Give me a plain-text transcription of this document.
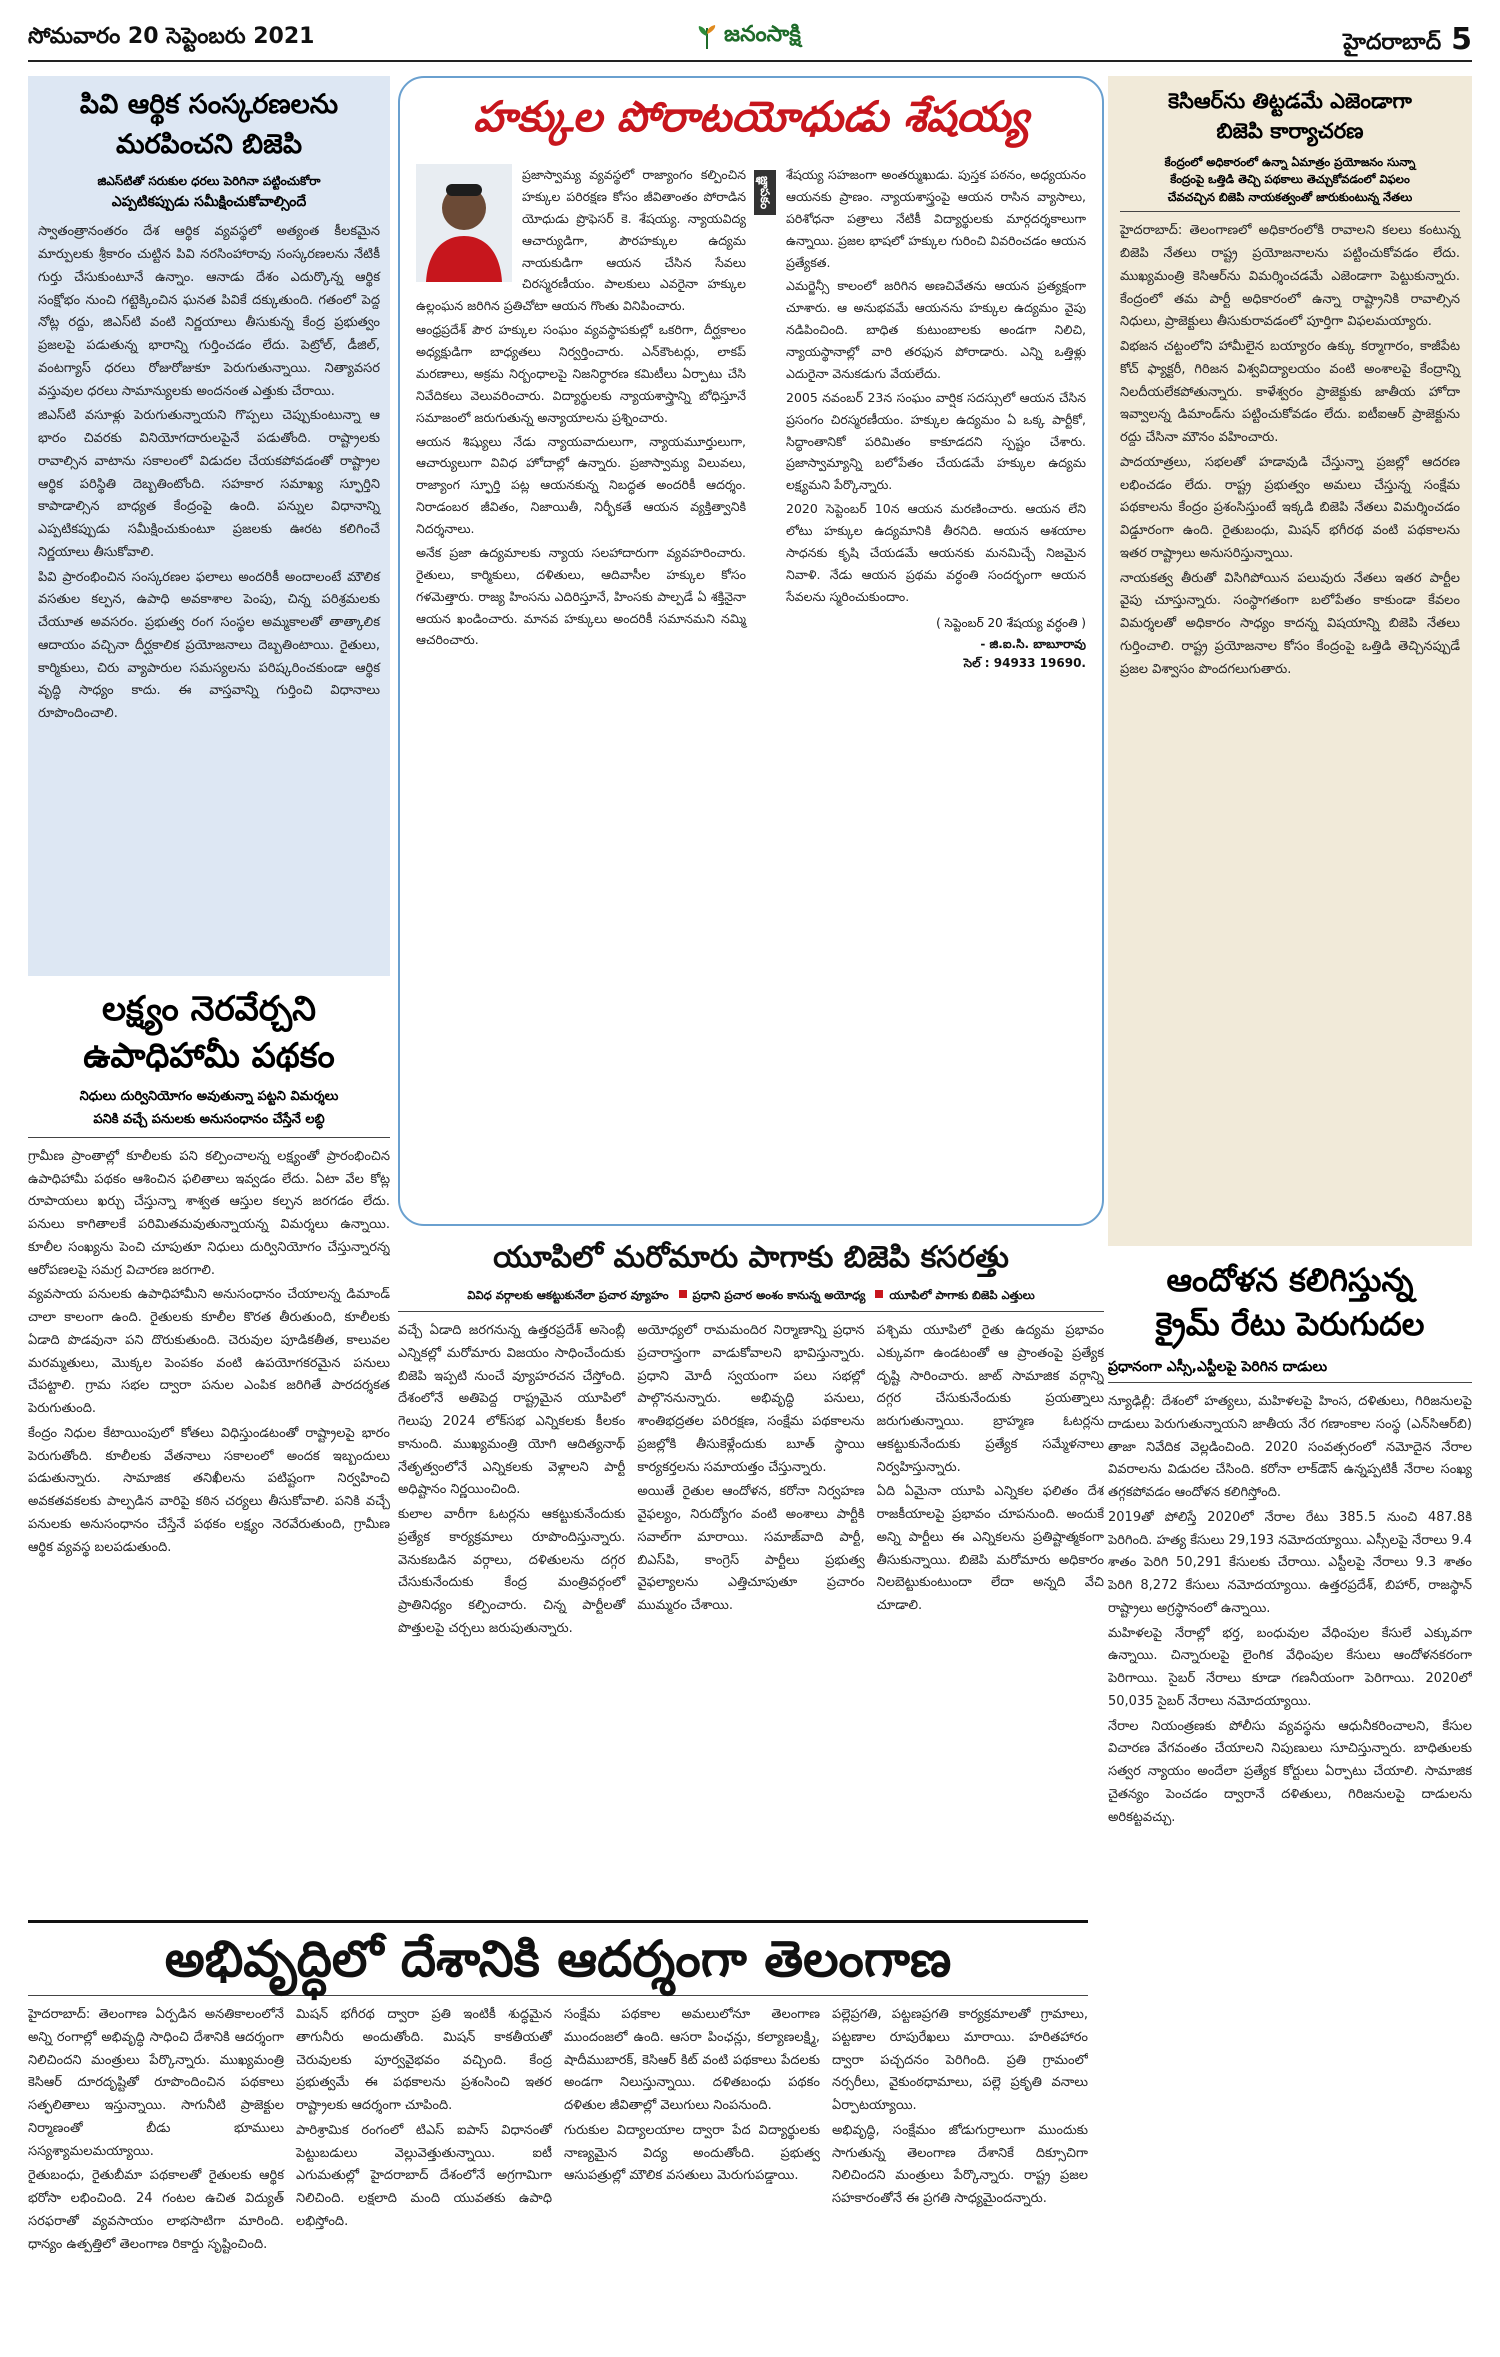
సోమవారం 20 సెప్టెంబరు 2021	జనంసాక్షి	హైదరాబాద్ 5
పివి ఆర్థిక సంస్కరణలను
మరపించని బిజెపి
జిఎస్‌టితో సరుకుల ధరలు పెరిగినా పట్టించుకోరా
ఎప్పటికప్పుడు సమీక్షించుకోవాల్సిందే

స్వాతంత్రానంతరం దేశ ఆర్థిక వ్యవస్థలో అత్యంత కీలకమైన మార్పులకు శ్రీకారం చుట్టిన పివి నరసింహారావు సంస్కరణలను నేటికీ గుర్తు చేసుకుంటూనే ఉన్నాం. ఆనాడు దేశం ఎదుర్కొన్న ఆర్థిక సంక్షోభం నుంచి గట్టెక్కించిన ఘనత పివికే దక్కుతుంది. గతంలో పెద్ద నోట్ల రద్దు, జిఎస్‌టి వంటి నిర్ణయాలు తీసుకున్న కేంద్ర ప్రభుత్వం ప్రజలపై పడుతున్న భారాన్ని గుర్తించడం లేదు. పెట్రోల్, డీజిల్, వంటగ్యాస్ ధరలు రోజురోజుకూ పెరుగుతున్నాయి. నిత్యావసర వస్తువుల ధరలు సామాన్యులకు అందనంత ఎత్తుకు చేరాయి.

జిఎస్‌టి వసూళ్లు పెరుగుతున్నాయని గొప్పలు చెప్పుకుంటున్నా ఆ భారం చివరకు వినియోగదారులపైనే పడుతోంది. రాష్ట్రాలకు రావాల్సిన వాటాను సకాలంలో విడుదల చేయకపోవడంతో రాష్ట్రాల ఆర్థిక పరిస్థితి దెబ్బతింటోంది. సహకార సమాఖ్య స్ఫూర్తిని కాపాడాల్సిన బాధ్యత కేంద్రంపై ఉంది. పన్నుల విధానాన్ని ఎప్పటికప్పుడు సమీక్షించుకుంటూ ప్రజలకు ఊరట కలిగించే నిర్ణయాలు తీసుకోవాలి.

పివి ప్రారంభించిన సంస్కరణల ఫలాలు అందరికీ అందాలంటే మౌలిక వసతుల కల్పన, ఉపాధి అవకాశాల పెంపు, చిన్న పరిశ్రమలకు చేయూత అవసరం. ప్రభుత్వ రంగ సంస్థల అమ్మకాలతో తాత్కాలిక ఆదాయం వచ్చినా దీర్ఘకాలిక ప్రయోజనాలు దెబ్బతింటాయి. రైతులు, కార్మికులు, చిరు వ్యాపారుల సమస్యలను పరిష్కరించకుండా ఆర్థిక వృద్ధి సాధ్యం కాదు. ఈ వాస్తవాన్ని గుర్తించి విధానాలు రూపొందించాలి.

లక్ష్యం నెరవేర్చని
ఉపాధిహామీ పథకం
నిధులు దుర్వినియోగం అవుతున్నా పట్టని విమర్శలు
పనికి వచ్చే పనులకు అనుసంధానం చేస్తేనే లబ్ధి

గ్రామీణ ప్రాంతాల్లో కూలీలకు పని కల్పించాలన్న లక్ష్యంతో ప్రారంభించిన ఉపాధిహామీ పథకం ఆశించిన ఫలితాలు ఇవ్వడం లేదు. ఏటా వేల కోట్ల రూపాయలు ఖర్చు చేస్తున్నా శాశ్వత ఆస్తుల కల్పన జరగడం లేదు. పనులు కాగితాలకే పరిమితమవుతున్నాయన్న విమర్శలు ఉన్నాయి. కూలీల సంఖ్యను పెంచి చూపుతూ నిధులు దుర్వినియోగం చేస్తున్నారన్న ఆరోపణలపై సమగ్ర విచారణ జరగాలి.

వ్యవసాయ పనులకు ఉపాధిహామీని అనుసంధానం చేయాలన్న డిమాండ్ చాలా కాలంగా ఉంది. రైతులకు కూలీల కొరత తీరుతుంది, కూలీలకు ఏడాది పొడవునా పని దొరుకుతుంది. చెరువుల పూడికతీత, కాలువల మరమ్మతులు, మొక్కల పెంపకం వంటి ఉపయోగకరమైన పనులు చేపట్టాలి. గ్రామ సభల ద్వారా పనుల ఎంపిక జరిగితే పారదర్శకత పెరుగుతుంది.

కేంద్రం నిధుల కేటాయింపులో కోతలు విధిస్తుండటంతో రాష్ట్రాలపై భారం పెరుగుతోంది. కూలీలకు వేతనాలు సకాలంలో అందక ఇబ్బందులు పడుతున్నారు. సామాజిక తనిఖీలను పటిష్టంగా నిర్వహించి అవకతవకలకు పాల్పడిన వారిపై కఠిన చర్యలు తీసుకోవాలి. పనికి వచ్చే పనులకు అనుసంధానం చేస్తేనే పథకం లక్ష్యం నెరవేరుతుంది, గ్రామీణ ఆర్థిక వ్యవస్థ బలపడుతుంది.

హక్కుల పోరాటయోధుడు శేషయ్య

ప్రజాస్వామ్య వ్యవస్థలో రాజ్యాంగం కల్పించిన హక్కుల పరిరక్షణ కోసం జీవితాంతం పోరాడిన యోధుడు ప్రొఫెసర్ కె. శేషయ్య. న్యాయవిద్య ఆచార్యుడిగా, పౌరహక్కుల ఉద్యమ నాయకుడిగా ఆయన చేసిన సేవలు చిరస్మరణీయం. పాలకులు ఎవరైనా హక్కుల ఉల్లంఘన జరిగిన ప్రతిచోటా ఆయన గొంతు వినిపించారు.

ఆంధ్రప్రదేశ్ పౌర హక్కుల సంఘం వ్యవస్థాపకుల్లో ఒకరిగా, దీర్ఘకాలం అధ్యక్షుడిగా బాధ్యతలు నిర్వర్తించారు. ఎన్‌కౌంటర్లు, లాకప్ మరణాలు, అక్రమ నిర్బంధాలపై నిజనిర్ధారణ కమిటీలు ఏర్పాటు చేసి నివేదికలు వెలువరించారు. విద్యార్థులకు న్యాయశాస్త్రాన్ని బోధిస్తూనే సమాజంలో జరుగుతున్న అన్యాయాలను ప్రశ్నించారు.

ఆయన శిష్యులు నేడు న్యాయవాదులుగా, న్యాయమూర్తులుగా, ఆచార్యులుగా వివిధ హోదాల్లో ఉన్నారు. ప్రజాస్వామ్య విలువలు, రాజ్యాంగ స్ఫూర్తి పట్ల ఆయనకున్న నిబద్ధత అందరికీ ఆదర్శం. నిరాడంబర జీవితం, నిజాయితీ, నిర్భీకతే ఆయన వ్యక్తిత్వానికి నిదర్శనాలు.

అనేక ప్రజా ఉద్యమాలకు న్యాయ సలహాదారుగా వ్యవహరించారు. రైతులు, కార్మికులు, దళితులు, ఆదివాసీల హక్కుల కోసం గళమెత్తారు. రాజ్య హింసను ఎదిరిస్తూనే, హింసకు పాల్పడే ఏ శక్తినైనా ఆయన ఖండించారు. మానవ హక్కులు అందరికీ సమానమని నమ్మి ఆచరించారు.

జ్ఞాపకం

శేషయ్య సహజంగా అంతర్ముఖుడు. పుస్తక పఠనం, అధ్యయనం ఆయనకు ప్రాణం. న్యాయశాస్త్రంపై ఆయన రాసిన వ్యాసాలు, పరిశోధనా పత్రాలు నేటికీ విద్యార్థులకు మార్గదర్శకాలుగా ఉన్నాయి. ప్రజల భాషలో హక్కుల గురించి వివరించడం ఆయన ప్రత్యేకత.

ఎమర్జెన్సీ కాలంలో జరిగిన అణచివేతను ఆయన ప్రత్యక్షంగా చూశారు. ఆ అనుభవమే ఆయనను హక్కుల ఉద్యమం వైపు నడిపించింది. బాధిత కుటుంబాలకు అండగా నిలిచి, న్యాయస్థానాల్లో వారి తరఫున పోరాడారు. ఎన్ని ఒత్తిళ్లు ఎదురైనా వెనుకడుగు వేయలేదు.

2005 నవంబర్ 23న సంఘం వార్షిక సదస్సులో ఆయన చేసిన ప్రసంగం చిరస్మరణీయం. హక్కుల ఉద్యమం ఏ ఒక్క పార్టీకో, సిద్ధాంతానికో పరిమితం కాకూడదని స్పష్టం చేశారు. ప్రజాస్వామ్యాన్ని బలోపేతం చేయడమే హక్కుల ఉద్యమ లక్ష్యమని పేర్కొన్నారు.

2020 సెప్టెంబర్ 10న ఆయన మరణించారు. ఆయన లేని లోటు హక్కుల ఉద్యమానికి తీరనిది. ఆయన ఆశయాల సాధనకు కృషి చేయడమే ఆయనకు మనమిచ్చే నిజమైన నివాళి. నేడు ఆయన ప్రథమ వర్ధంతి సందర్భంగా ఆయన సేవలను స్మరించుకుందాం.

( సెప్టెంబర్ 20 శేషయ్య వర్ధంతి )
- జి.ఐ.సి. బాబూరావు
సెల్ : 94933 19690.
యూపిలో మరోమారు పాగాకు బిజెపి కసరత్తు
వివిధ వర్గాలకు ఆకట్టుకునేలా ప్రచార వ్యూహం	ప్రధాని ప్రచార అంశం కానున్న అయోధ్య	యూపిలో పాగాకు బిజెపి ఎత్తులు

వచ్చే ఏడాది జరగనున్న ఉత్తరప్రదేశ్ అసెంబ్లీ ఎన్నికల్లో మరోమారు విజయం సాధించేందుకు బిజెపి ఇప్పటి నుంచే వ్యూహరచన చేస్తోంది. దేశంలోనే అతిపెద్ద రాష్ట్రమైన యూపిలో గెలుపు 2024 లోక్‌సభ ఎన్నికలకు కీలకం కానుంది. ముఖ్యమంత్రి యోగి ఆదిత్యనాథ్ నేతృత్వంలోనే ఎన్నికలకు వెళ్లాలని పార్టీ అధిష్టానం నిర్ణయించింది.

కులాల వారీగా ఓటర్లను ఆకట్టుకునేందుకు ప్రత్యేక కార్యక్రమాలు రూపొందిస్తున్నారు. వెనుకబడిన వర్గాలు, దళితులను దగ్గర చేసుకునేందుకు కేంద్ర మంత్రివర్గంలో ప్రాతినిధ్యం కల్పించారు. చిన్న పార్టీలతో పొత్తులపై చర్చలు జరుపుతున్నారు.

అయోధ్యలో రామమందిర నిర్మాణాన్ని ప్రధాన ప్రచారాస్త్రంగా వాడుకోవాలని భావిస్తున్నారు. ప్రధాని మోదీ స్వయంగా పలు సభల్లో పాల్గొననున్నారు. అభివృద్ధి పనులు, శాంతిభద్రతల పరిరక్షణ, సంక్షేమ పథకాలను ప్రజల్లోకి తీసుకెళ్లేందుకు బూత్ స్థాయి కార్యకర్తలను సమాయత్తం చేస్తున్నారు.

అయితే రైతుల ఆందోళన, కరోనా నిర్వహణ వైఫల్యం, నిరుద్యోగం వంటి అంశాలు పార్టీకి సవాల్‌గా మారాయి. సమాజ్‌వాది పార్టీ, బిఎస్‌పి, కాంగ్రెస్ పార్టీలు ప్రభుత్వ వైఫల్యాలను ఎత్తిచూపుతూ ప్రచారం ముమ్మరం చేశాయి.

పశ్చిమ యూపిలో రైతు ఉద్యమ ప్రభావం ఎక్కువగా ఉండటంతో ఆ ప్రాంతంపై ప్రత్యేక దృష్టి సారించారు. జాట్ సామాజిక వర్గాన్ని దగ్గర చేసుకునేందుకు ప్రయత్నాలు జరుగుతున్నాయి. బ్రాహ్మణ ఓటర్లను ఆకట్టుకునేందుకు ప్రత్యేక సమ్మేళనాలు నిర్వహిస్తున్నారు.

ఏది ఏమైనా యూపి ఎన్నికల ఫలితం దేశ రాజకీయాలపై ప్రభావం చూపనుంది. అందుకే అన్ని పార్టీలు ఈ ఎన్నికలను ప్రతిష్టాత్మకంగా తీసుకున్నాయి. బిజెపి మరోమారు అధికారం నిలబెట్టుకుంటుందా లేదా అన్నది వేచి చూడాలి.

కెసిఆర్‌ను తిట్టడమే ఎజెండాగా
బిజెపి కార్యాచరణ
కేంద్రంలో అధికారంలో ఉన్నా ఏమాత్రం ప్రయోజనం సున్నా
కేంద్రంపై ఒత్తిడి తెచ్చి పథకాలు తెచ్చుకోవడంలో విఫలం
చేవచచ్చిన బిజెపి నాయకత్వంతో జారుకుంటున్న నేతలు

హైదరాబాద్: తెలంగాణలో అధికారంలోకి రావాలని కలలు కంటున్న బిజెపి నేతలు రాష్ట్ర ప్రయోజనాలను పట్టించుకోవడం లేదు. ముఖ్యమంత్రి కెసిఆర్‌ను విమర్శించడమే ఎజెండాగా పెట్టుకున్నారు. కేంద్రంలో తమ పార్టీ అధికారంలో ఉన్నా రాష్ట్రానికి రావాల్సిన నిధులు, ప్రాజెక్టులు తీసుకురావడంలో పూర్తిగా విఫలమయ్యారు.

విభజన చట్టంలోని హామీలైన బయ్యారం ఉక్కు కర్మాగారం, కాజీపేట కోచ్ ఫ్యాక్టరీ, గిరిజన విశ్వవిద్యాలయం వంటి అంశాలపై కేంద్రాన్ని నిలదీయలేకపోతున్నారు. కాళేశ్వరం ప్రాజెక్టుకు జాతీయ హోదా ఇవ్వాలన్న డిమాండ్‌ను పట్టించుకోవడం లేదు. ఐటీఐఆర్ ప్రాజెక్టును రద్దు చేసినా మౌనం వహించారు.

పాదయాత్రలు, సభలతో హడావుడి చేస్తున్నా ప్రజల్లో ఆదరణ లభించడం లేదు. రాష్ట్ర ప్రభుత్వం అమలు చేస్తున్న సంక్షేమ పథకాలను కేంద్రం ప్రశంసిస్తుంటే ఇక్కడి బిజెపి నేతలు విమర్శించడం విడ్డూరంగా ఉంది. రైతుబంధు, మిషన్ భగీరథ వంటి పథకాలను ఇతర రాష్ట్రాలు అనుసరిస్తున్నాయి.

నాయకత్వ తీరుతో విసిగిపోయిన పలువురు నేతలు ఇతర పార్టీల వైపు చూస్తున్నారు. సంస్థాగతంగా బలోపేతం కాకుండా కేవలం విమర్శలతో అధికారం సాధ్యం కాదన్న విషయాన్ని బిజెపి నేతలు గుర్తించాలి. రాష్ట్ర ప్రయోజనాల కోసం కేంద్రంపై ఒత్తిడి తెచ్చినప్పుడే ప్రజల విశ్వాసం పొందగలుగుతారు.

ఆందోళన కలిగిస్తున్న
క్రైమ్ రేటు పెరుగుదల
ప్రధానంగా ఎస్సీ,ఎస్టీలపై పెరిగిన దాడులు

న్యూఢిల్లీ: దేశంలో హత్యలు, మహిళలపై హింస, దళితులు, గిరిజనులపై దాడులు పెరుగుతున్నాయని జాతీయ నేర గణాంకాల సంస్థ (ఎన్‌సిఆర్‌బి) తాజా నివేదిక వెల్లడించింది. 2020 సంవత్సరంలో నమోదైన నేరాల వివరాలను విడుదల చేసింది. కరోనా లాక్‌డౌన్ ఉన్నప్పటికీ నేరాల సంఖ్య తగ్గకపోవడం ఆందోళన కలిగిస్తోంది.

2019తో పోలిస్తే 2020లో నేరాల రేటు 385.5 నుంచి 487.8కి పెరిగింది. హత్య కేసులు 29,193 నమోదయ్యాయి. ఎస్సీలపై నేరాలు 9.4 శాతం పెరిగి 50,291 కేసులకు చేరాయి. ఎస్టీలపై నేరాలు 9.3 శాతం పెరిగి 8,272 కేసులు నమోదయ్యాయి. ఉత్తరప్రదేశ్, బిహార్, రాజస్థాన్ రాష్ట్రాలు అగ్రస్థానంలో ఉన్నాయి.

మహిళలపై నేరాల్లో భర్త, బంధువుల వేధింపుల కేసులే ఎక్కువగా ఉన్నాయి. చిన్నారులపై లైంగిక వేధింపుల కేసులు ఆందోళనకరంగా పెరిగాయి. సైబర్ నేరాలు కూడా గణనీయంగా పెరిగాయి. 2020లో 50,035 సైబర్ నేరాలు నమోదయ్యాయి.

నేరాల నియంత్రణకు పోలీసు వ్యవస్థను ఆధునీకరించాలని, కేసుల విచారణ వేగవంతం చేయాలని నిపుణులు సూచిస్తున్నారు. బాధితులకు సత్వర న్యాయం అందేలా ప్రత్యేక కోర్టులు ఏర్పాటు చేయాలి. సామాజిక చైతన్యం పెంచడం ద్వారానే దళితులు, గిరిజనులపై దాడులను అరికట్టవచ్చు.

అభివృద్ధిలో దేశానికి ఆదర్శంగా తెలంగాణ

హైదరాబాద్: తెలంగాణ ఏర్పడిన అనతికాలంలోనే అన్ని రంగాల్లో అభివృద్ధి సాధించి దేశానికి ఆదర్శంగా నిలిచిందని మంత్రులు పేర్కొన్నారు. ముఖ్యమంత్రి కెసిఆర్ దూరదృష్టితో రూపొందించిన పథకాలు సత్ఫలితాలు ఇస్తున్నాయి. సాగునీటి ప్రాజెక్టుల నిర్మాణంతో బీడు భూములు సస్యశ్యామలమయ్యాయి.

రైతుబంధు, రైతుబీమా పథకాలతో రైతులకు ఆర్థిక భరోసా లభించింది. 24 గంటల ఉచిత విద్యుత్ సరఫరాతో వ్యవసాయం లాభసాటిగా మారింది. ధాన్యం ఉత్పత్తిలో తెలంగాణ రికార్డు సృష్టించింది.

మిషన్ భగీరథ ద్వారా ప్రతి ఇంటికీ శుద్ధమైన తాగునీరు అందుతోంది. మిషన్ కాకతీయతో చెరువులకు పూర్వవైభవం వచ్చింది. కేంద్ర ప్రభుత్వమే ఈ పథకాలను ప్రశంసించి ఇతర రాష్ట్రాలకు ఆదర్శంగా చూపింది.

పారిశ్రామిక రంగంలో టిఎస్ ఐపాస్ విధానంతో పెట్టుబడులు వెల్లువెత్తుతున్నాయి. ఐటీ ఎగుమతుల్లో హైదరాబాద్ దేశంలోనే అగ్రగామిగా నిలిచింది. లక్షలాది మంది యువతకు ఉపాధి లభిస్తోంది.

సంక్షేమ పథకాల అమలులోనూ తెలంగాణ ముందంజలో ఉంది. ఆసరా పింఛన్లు, కల్యాణలక్ష్మి, షాదీముబారక్, కెసిఆర్ కిట్ వంటి పథకాలు పేదలకు అండగా నిలుస్తున్నాయి. దళితబంధు పథకం దళితుల జీవితాల్లో వెలుగులు నింపనుంది.

గురుకుల విద్యాలయాల ద్వారా పేద విద్యార్థులకు నాణ్యమైన విద్య అందుతోంది. ప్రభుత్వ ఆసుపత్రుల్లో మౌలిక వసతులు మెరుగుపడ్డాయి.

పల్లెప్రగతి, పట్టణప్రగతి కార్యక్రమాలతో గ్రామాలు, పట్టణాల రూపురేఖలు మారాయి. హరితహారం ద్వారా పచ్చదనం పెరిగింది. ప్రతి గ్రామంలో నర్సరీలు, వైకుంఠధామాలు, పల్లె ప్రకృతి వనాలు ఏర్పాటయ్యాయి.

అభివృద్ధి, సంక్షేమం జోడుగుర్రాలుగా ముందుకు సాగుతున్న తెలంగాణ దేశానికే దిక్సూచిగా నిలిచిందని మంత్రులు పేర్కొన్నారు. రాష్ట్ర ప్రజల సహకారంతోనే ఈ ప్రగతి సాధ్యమైందన్నారు.
